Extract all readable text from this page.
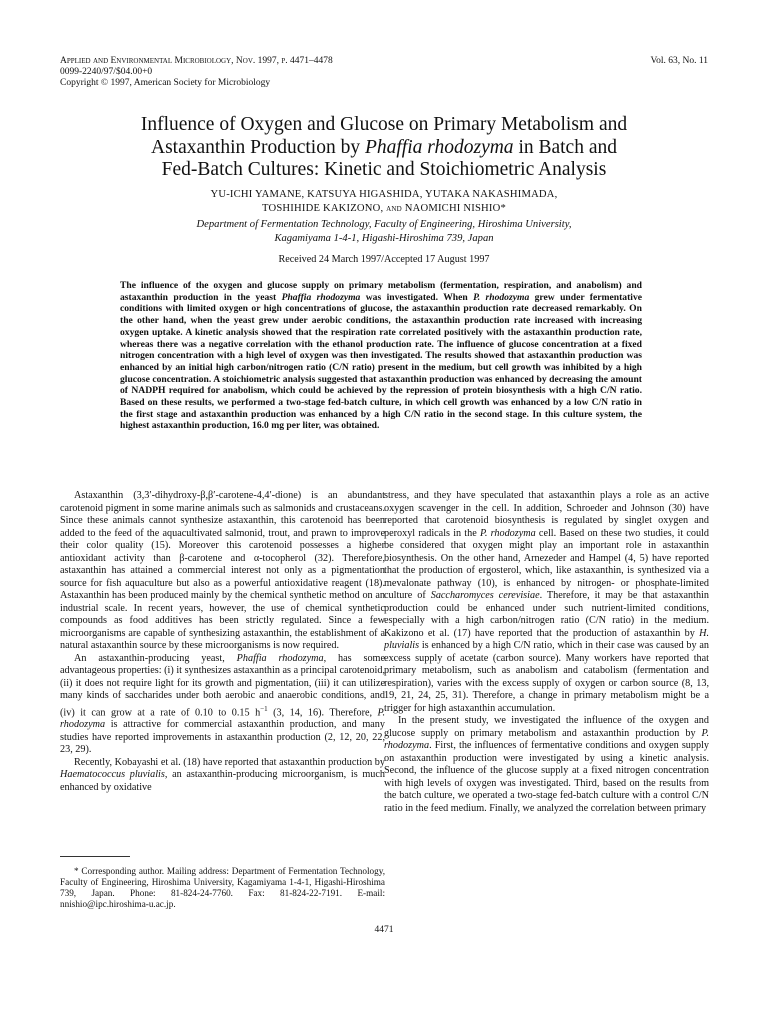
Applied and Environmental Microbiology, Nov. 1997, p. 4471–4478
0099-2240/97/$04.00+0
Copyright © 1997, American Society for Microbiology
Vol. 63, No. 11
Influence of Oxygen and Glucose on Primary Metabolism and
Astaxanthin Production by Phaffia rhodozyma in Batch and
Fed-Batch Cultures: Kinetic and Stoichiometric Analysis
YU-ICHI YAMANE, KATSUYA HIGASHIDA, YUTAKA NAKASHIMADA,
TOSHIHIDE KAKIZONO, and NAOMICHI NISHIO*
Department of Fermentation Technology, Faculty of Engineering, Hiroshima University,
Kagamiyama 1-4-1, Higashi-Hiroshima 739, Japan
Received 24 March 1997/Accepted 17 August 1997
The influence of the oxygen and glucose supply on primary metabolism (fermentation, respiration, and anabolism) and astaxanthin production in the yeast Phaffia rhodozyma was investigated. When P. rhodozyma grew under fermentative conditions with limited oxygen or high concentrations of glucose, the astaxanthin production rate decreased remarkably. On the other hand, when the yeast grew under aerobic conditions, the astaxanthin production rate increased with increasing oxygen uptake. A kinetic analysis showed that the respiration rate correlated positively with the astaxanthin production rate, whereas there was a negative correlation with the ethanol production rate. The influence of glucose concentration at a fixed nitrogen concentration with a high level of oxygen was then investigated. The results showed that astaxanthin production was enhanced by an initial high carbon/nitrogen ratio (C/N ratio) present in the medium, but cell growth was inhibited by a high glucose concentration. A stoichiometric analysis suggested that astaxanthin production was enhanced by decreasing the amount of NADPH required for anabolism, which could be achieved by the repression of protein biosynthesis with a high C/N ratio. Based on these results, we performed a two-stage fed-batch culture, in which cell growth was enhanced by a low C/N ratio in the first stage and astaxanthin production was enhanced by a high C/N ratio in the second stage. In this culture system, the highest astaxanthin production, 16.0 mg per liter, was obtained.

Astaxanthin (3,3′-dihydroxy-β,β′-carotene-4,4′-dione) is an abundant carotenoid pigment in some marine animals such as salmonids and crustaceans. Since these animals cannot synthesize astaxanthin, this carotenoid has been added to the feed of the aquacultivated salmonid, trout, and prawn to improve their color quality (15). Moreover this carotenoid possesses a higher antioxidant activity than β-carotene and α-tocopherol (32). Therefore, astaxanthin has attained a commercial interest not only as a pigmentation source for fish aquaculture but also as a powerful antioxidative reagent (18). Astaxanthin has been produced mainly by the chemical synthetic method on an industrial scale. In recent years, however, the use of chemical synthetic compounds as food additives has been strictly regulated. Since a few microorganisms are capable of synthesizing astaxanthin, the establishment of a natural astaxanthin source by these microorganisms is now required.

An astaxanthin-producing yeast, Phaffia rhodozyma, has some advantageous properties: (i) it synthesizes astaxanthin as a principal carotenoid, (ii) it does not require light for its growth and pigmentation, (iii) it can utilize many kinds of saccharides under both aerobic and anaerobic conditions, and (iv) it can grow at a rate of 0.10 to 0.15 $h^{-1}$ (3, 14, 16). Therefore, P. rhodozyma is attractive for commercial astaxanthin production, and many studies have reported improvements in astaxanthin production (2, 12, 20, 22, 23, 29).

Recently, Kobayashi et al. (18) have reported that astaxanthin production by Haematococcus pluvialis, an astaxanthin-producing microorganism, is much enhanced by oxidative

stress, and they have speculated that astaxanthin plays a role as an active oxygen scavenger in the cell. In addition, Schroeder and Johnson (30) have reported that carotenoid biosynthesis is regulated by singlet oxygen and peroxyl radicals in the P. rhodozyma cell. Based on these two studies, it could be considered that oxygen might play an important role in astaxanthin biosynthesis. On the other hand, Arnezeder and Hampel (4, 5) have reported that the production of ergosterol, which, like astaxanthin, is synthesized via a mevalonate pathway (10), is enhanced by nitrogen- or phosphate-limited culture of Saccharomyces cerevisiae. Therefore, it may be that astaxanthin production could be enhanced under such nutrient-limited conditions, especially with a high carbon/nitrogen ratio (C/N ratio) in the medium. Kakizono et al. (17) have reported that the production of astaxanthin by H. pluvialis is enhanced by a high C/N ratio, which in their case was caused by an excess supply of acetate (carbon source). Many workers have reported that primary metabolism, such as anabolism and catabolism (fermentation and respiration), varies with the excess supply of oxygen or carbon source (8, 13, 19, 21, 24, 25, 31). Therefore, a change in primary metabolism might be a trigger for high astaxanthin accumulation.

In the present study, we investigated the influence of the oxygen and glucose supply on primary metabolism and astaxanthin production by P. rhodozyma. First, the influences of fermentative conditions and oxygen supply on astaxanthin production were investigated by using a kinetic analysis. Second, the influence of the glucose supply at a fixed nitrogen concentration with high levels of oxygen was investigated. Third, based on the results from the batch culture, we operated a two-stage fed-batch culture with a control C/N ratio in the feed medium. Finally, we analyzed the correlation between primary

* Corresponding author. Mailing address: Department of Fermentation Technology, Faculty of Engineering, Hiroshima University, Kagamiyama 1-4-1, Higashi-Hiroshima 739, Japan. Phone: 81-824-24-7760. Fax: 81-824-22-7191. E-mail: nnishio@ipc.hiroshima-u.ac.jp.

4471
